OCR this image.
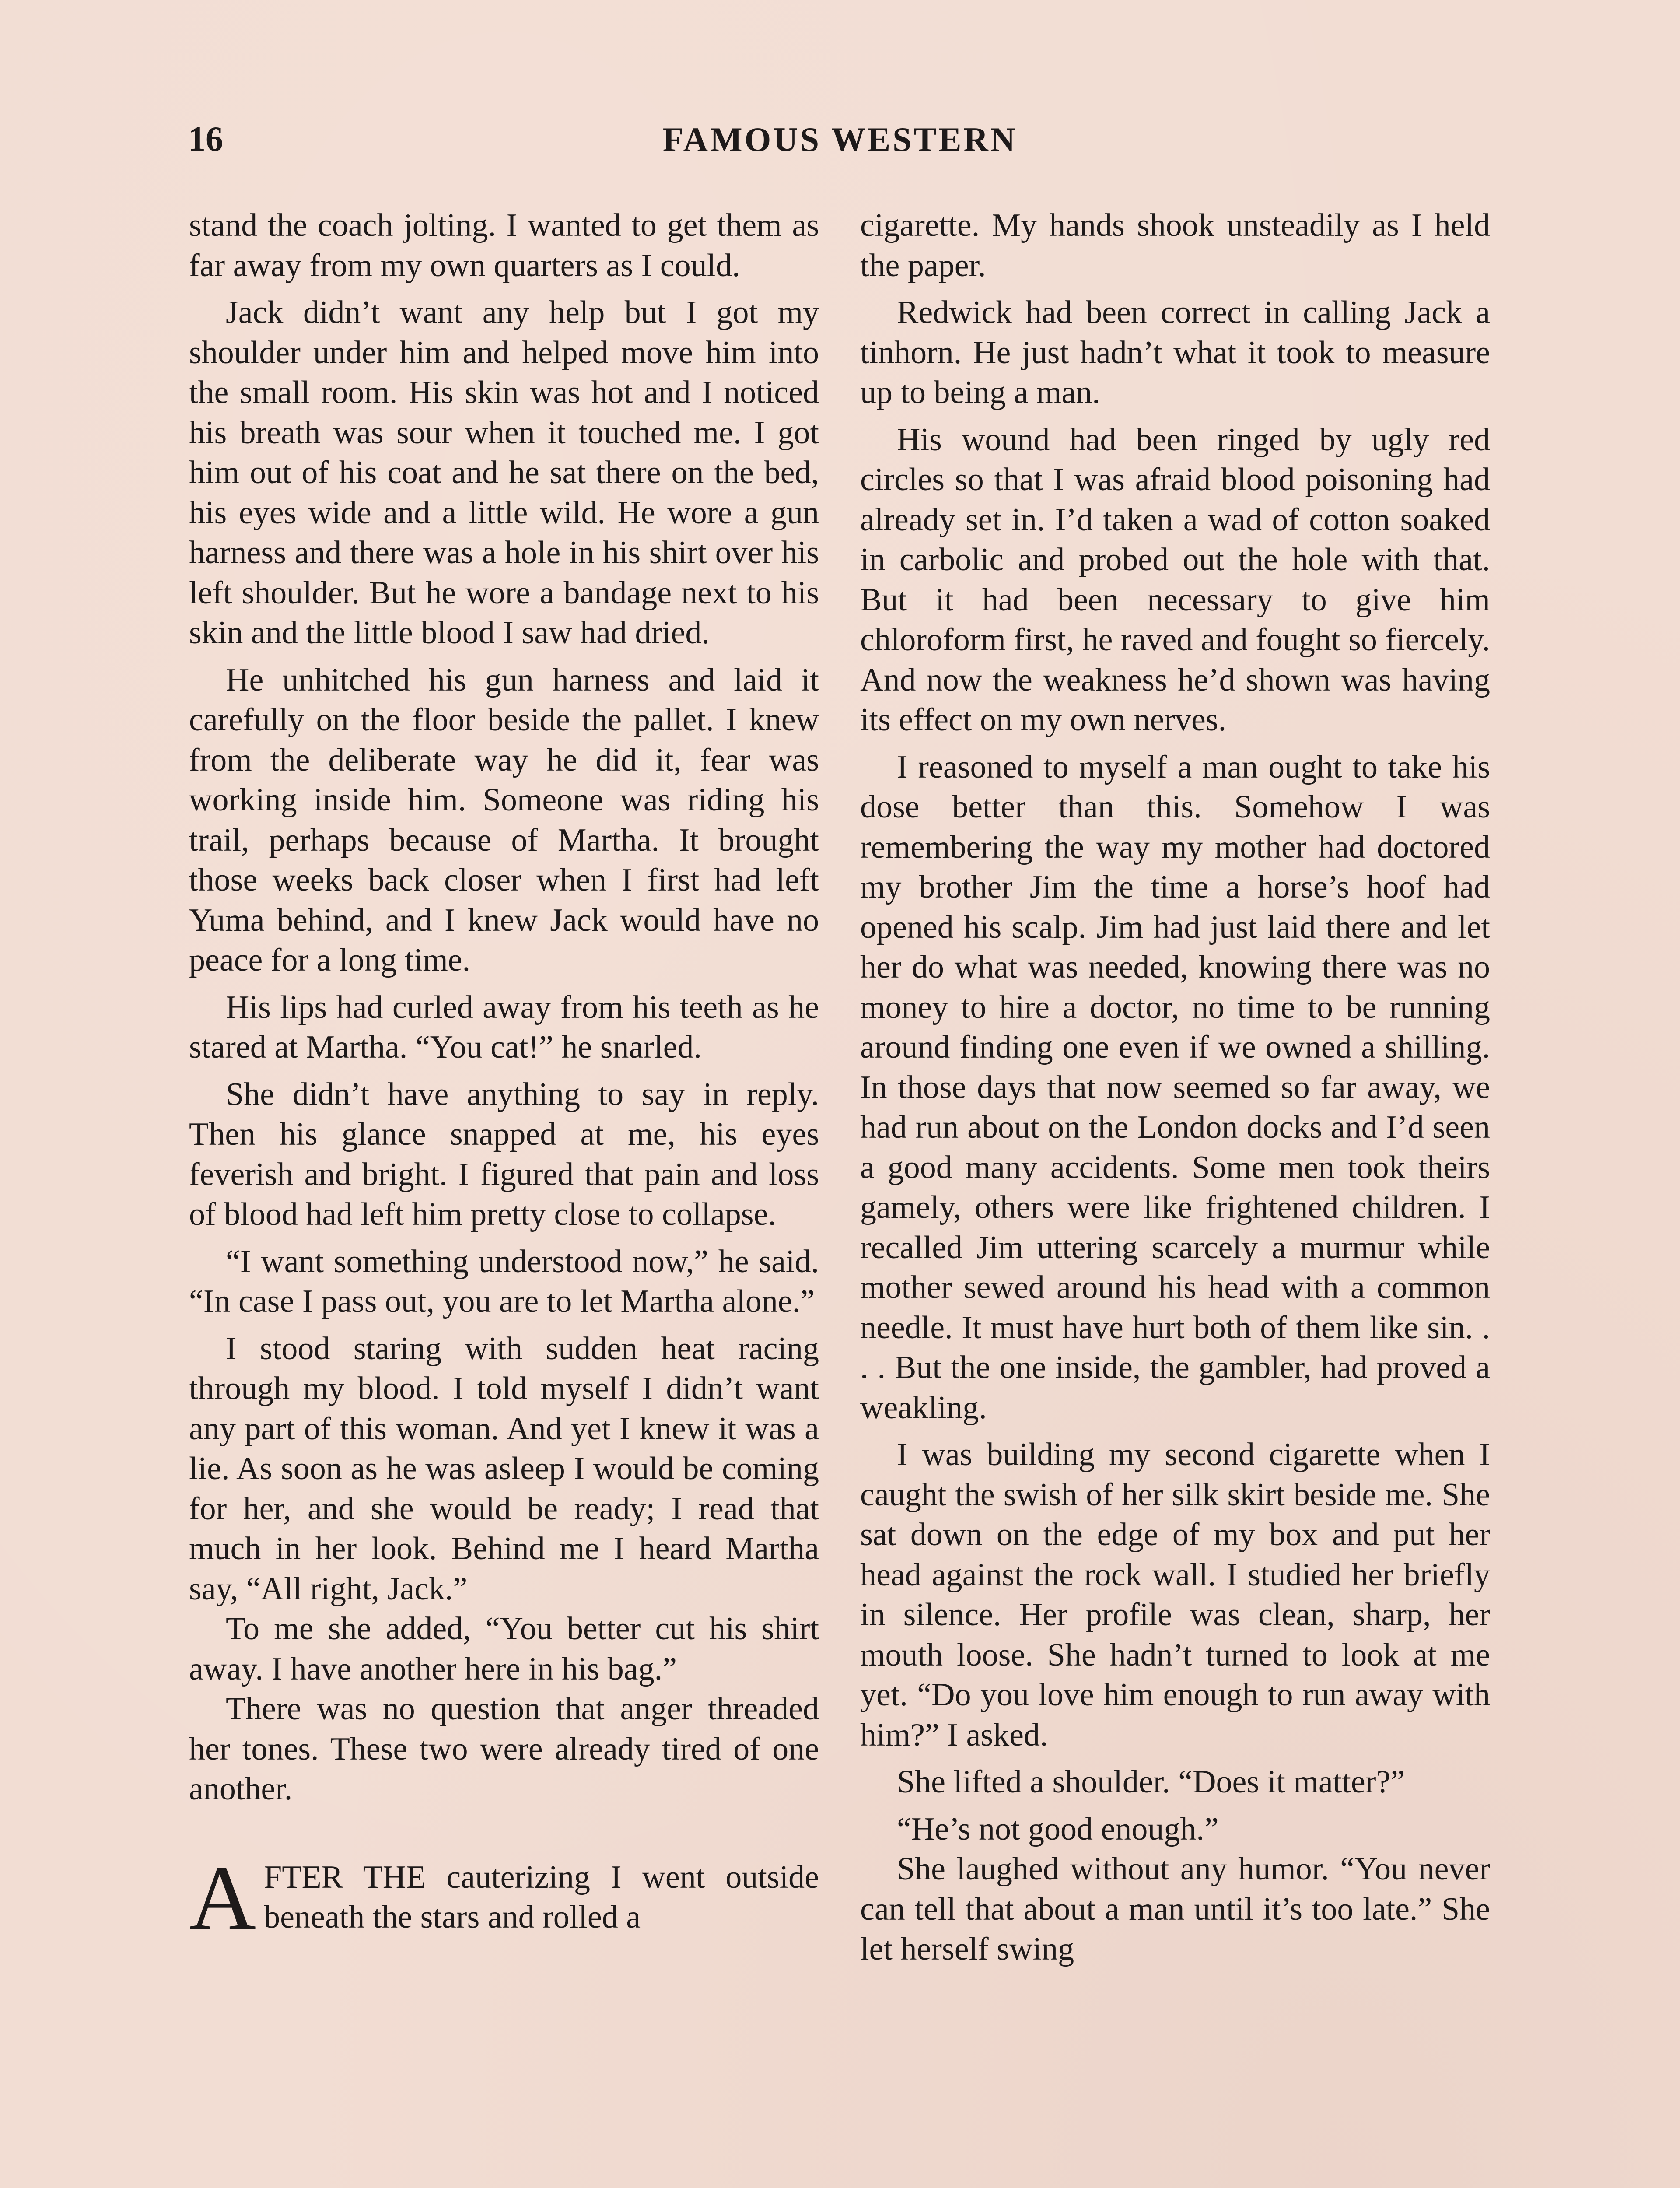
16	FAMOUS WESTERN

stand the coach jolting. I wanted to get them as far away from my own quarters as I could.

Jack didn’t want any help but I got my shoulder under him and helped move him into the small room. His skin was hot and I noticed his breath was sour when it touched me. I got him out of his coat and he sat there on the bed, his eyes wide and a little wild. He wore a gun harness and there was a hole in his shirt over his left shoulder. But he wore a bandage next to his skin and the little blood I saw had dried.

He unhitched his gun harness and laid it carefully on the floor beside the pallet. I knew from the deliberate way he did it, fear was working inside him. Someone was riding his trail, perhaps because of Martha. It brought those weeks back closer when I first had left Yuma behind, and I knew Jack would have no peace for a long time.

His lips had curled away from his teeth as he stared at Martha. “You cat!” he snarled.

She didn’t have anything to say in reply. Then his glance snapped at me, his eyes feverish and bright. I figured that pain and loss of blood had left him pretty close to collapse.

“I want something understood now,” he said. “In case I pass out, you are to let Martha alone.”

I stood staring with sudden heat racing through my blood. I told myself I didn’t want any part of this woman. And yet I knew it was a lie. As soon as he was asleep I would be coming for her, and she would be ready; I read that much in her look. Behind me I heard Martha say, “All right, Jack.”

To me she added, “You better cut his shirt away. I have another here in his bag.”

There was no question that anger threaded her tones. These two were already tired of one another.

AFTER THE cauterizing I went outside beneath the stars and rolled a

cigarette. My hands shook unsteadily as I held the paper.

Redwick had been correct in calling Jack a tinhorn. He just hadn’t what it took to measure up to being a man.

His wound had been ringed by ugly red circles so that I was afraid blood poisoning had already set in. I’d taken a wad of cotton soaked in carbolic and probed out the hole with that. But it had been necessary to give him chloroform first, he raved and fought so fiercely. And now the weakness he’d shown was having its effect on my own nerves.

I reasoned to myself a man ought to take his dose better than this. Somehow I was remembering the way my mother had doctored my brother Jim the time a horse’s hoof had opened his scalp. Jim had just laid there and let her do what was needed, knowing there was no money to hire a doctor, no time to be running around finding one even if we owned a shilling. In those days that now seemed so far away, we had run about on the London docks and I’d seen a good many accidents. Some men took theirs gamely, others were like frightened children. I recalled Jim uttering scarcely a murmur while mother sewed around his head with a common needle. It must have hurt both of them like sin. . . . But the one inside, the gambler, had proved a weakling.

I was building my second cigarette when I caught the swish of her silk skirt beside me. She sat down on the edge of my box and put her head against the rock wall. I studied her briefly in silence. Her profile was clean, sharp, her mouth loose. She hadn’t turned to look at me yet. “Do you love him enough to run away with him?” I asked.

She lifted a shoulder. “Does it matter?”

“He’s not good enough.”

She laughed without any humor. “You never can tell that about a man until it’s too late.” She let herself swing
